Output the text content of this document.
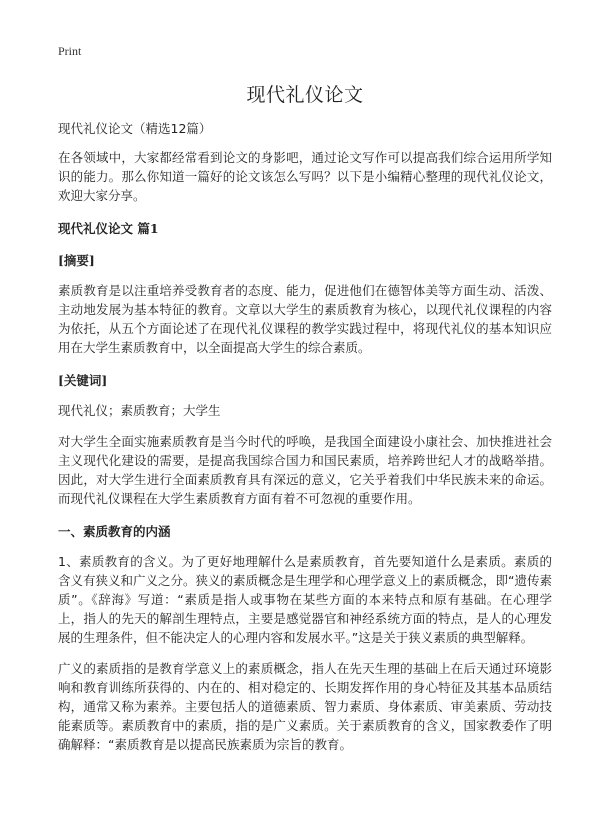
Print
现代礼仪论文
现代礼仪论文（精选12篇）

在各领域中，大家都经常看到论文的身影吧，通过论文写作可以提高我们综合运用所学知识的能力。那么你知道一篇好的论文该怎么写吗？以下是小编精心整理的现代礼仪论文，欢迎大家分享。

现代礼仪论文 篇1
[摘要]

素质教育是以注重培养受教育者的态度、能力，促进他们在德智体美等方面生动、活泼、主动地发展为基本特征的教育。文章以大学生的素质教育为核心，以现代礼仪课程的内容为依托，从五个方面论述了在现代礼仪课程的教学实践过程中，将现代礼仪的基本知识应用在大学生素质教育中，以全面提高大学生的综合素质。

[关键词]

现代礼仪；素质教育；大学生

对大学生全面实施素质教育是当今时代的呼唤，是我国全面建设小康社会、加快推进社会主义现代化建设的需要，是提高我国综合国力和国民素质，培养跨世纪人才的战略举措。因此，对大学生进行全面素质教育具有深远的意义，它关乎着我们中华民族未来的命运。而现代礼仪课程在大学生素质教育方面有着不可忽视的重要作用。

一、素质教育的内涵

1、素质教育的含义。为了更好地理解什么是素质教育，首先要知道什么是素质。素质的含义有狭义和广义之分。狭义的素质概念是生理学和心理学意义上的素质概念，即“遗传素质”。《辞海》写道：“素质是指人或事物在某些方面的本来特点和原有基础。在心理学上，指人的先天的解剖生理特点，主要是感觉器官和神经系统方面的特点，是人的心理发展的生理条件，但不能决定人的心理内容和发展水平。”这是关于狭义素质的典型解释。

广义的素质指的是教育学意义上的素质概念，指人在先天生理的基础上在后天通过环境影响和教育训练所获得的、内在的、相对稳定的、长期发挥作用的身心特征及其基本品质结构，通常又称为素养。主要包括人的道德素质、智力素质、身体素质、审美素质、劳动技能素质等。素质教育中的素质，指的是广义素质。关于素质教育的含义，国家教委作了明确解释：“素质教育是以提高民族素质为宗旨的教育。
